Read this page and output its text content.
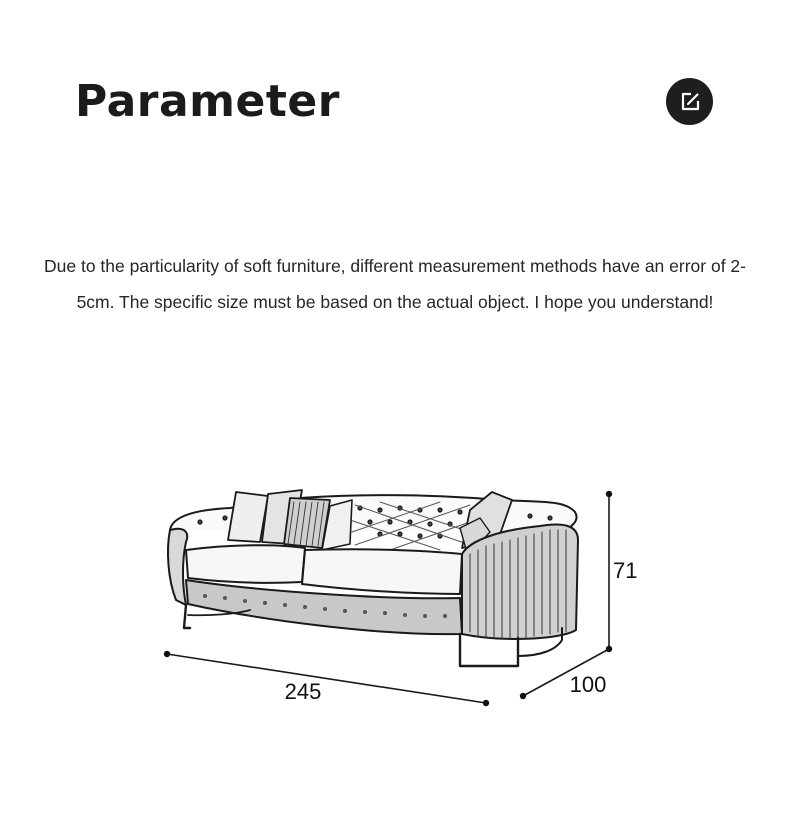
Parameter

Due to the particularity of soft furniture, different measurement methods have an error of 2-5cm. The specific size must be based on the actual object. I hope you understand!

245	100
71
